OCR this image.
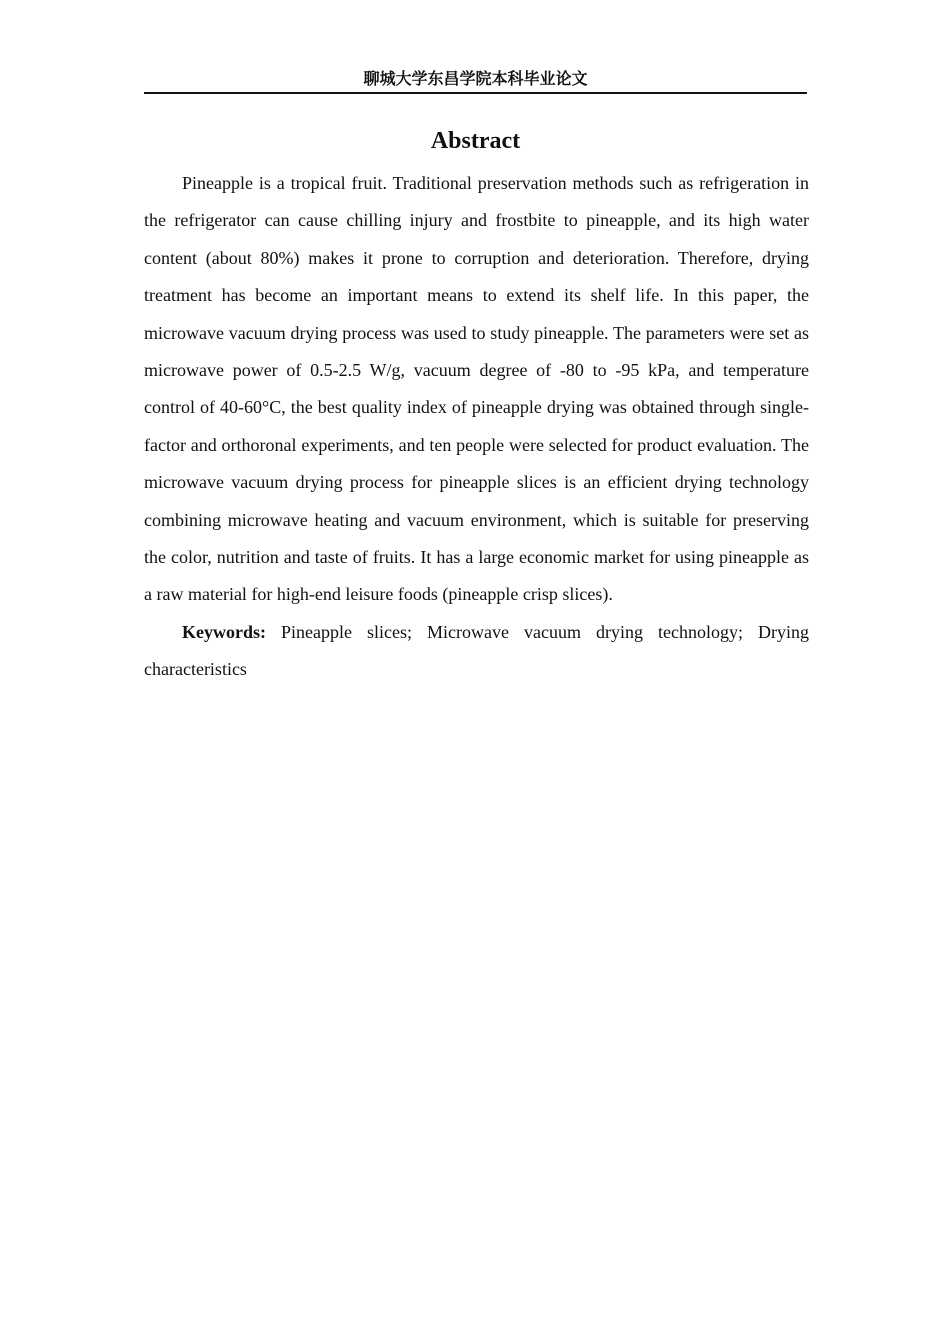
聊城大学东昌学院本科毕业论文
Abstract

Pineapple is a tropical fruit. Traditional preservation methods such as refrigeration in the refrigerator can cause chilling injury and frostbite to pineapple, and its high water content (about 80%) makes it prone to corruption and deterioration. Therefore, drying treatment has become an important means to extend its shelf life. In this paper, the microwave vacuum drying process was used to study pineapple. The parameters were set as microwave power of 0.5-2.5 W/g, vacuum degree of -80 to -95 kPa, and temperature control of 40-60°C, the best quality index of pineapple drying was obtained through single-factor and orthoronal experiments, and ten people were selected for product evaluation. The microwave vacuum drying process for pineapple slices is an efficient drying technology combining microwave heating and vacuum environment, which is suitable for preserving the color, nutrition and taste of fruits. It has a large economic market for using pineapple as a raw material for high-end leisure foods (pineapple crisp slices).

Keywords: Pineapple slices; Microwave vacuum drying technology; Drying characteristics
